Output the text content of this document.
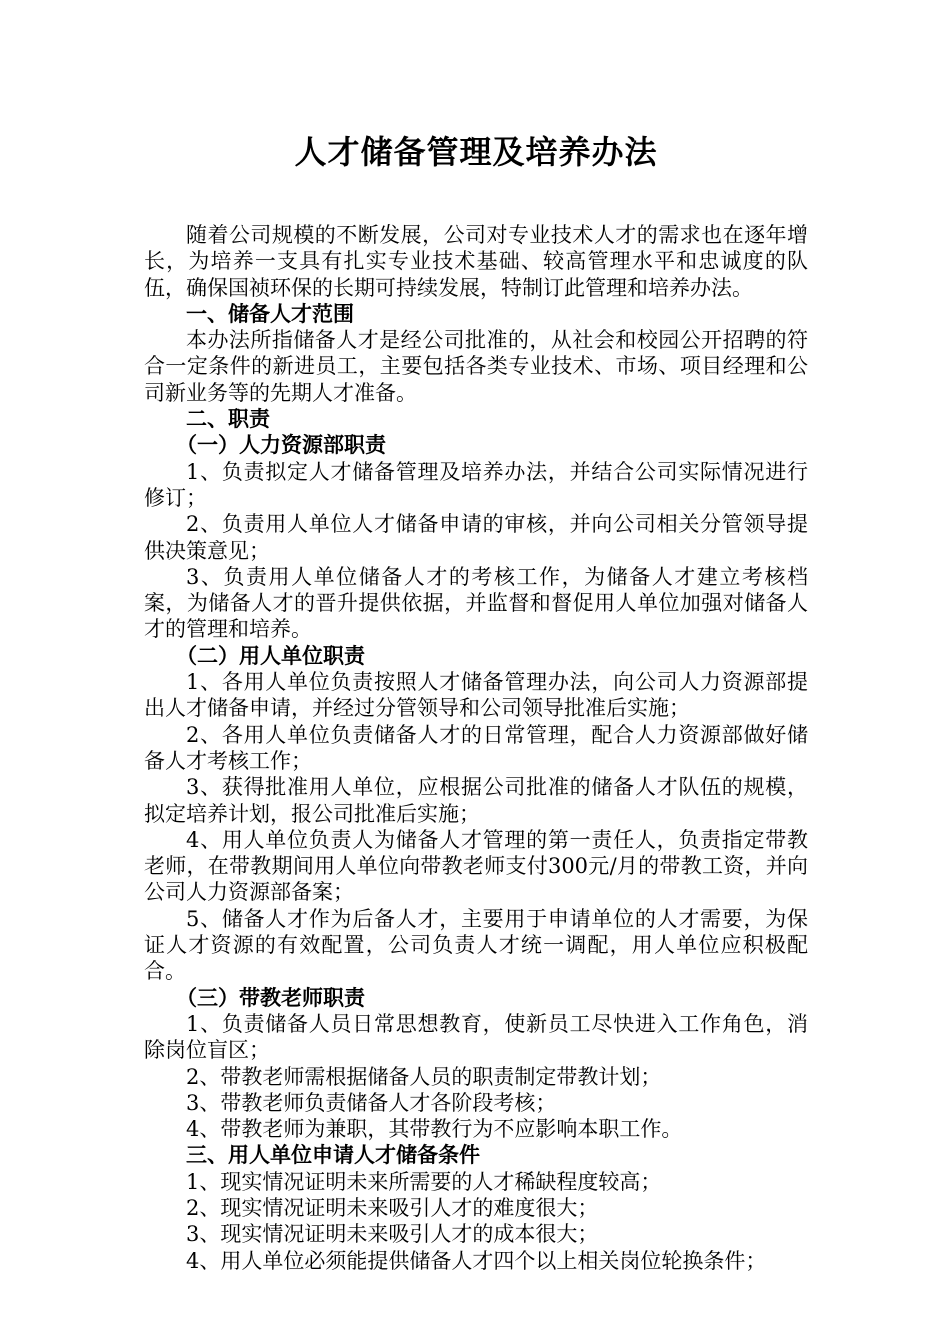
人才储备管理及培养办法

随着公司规模的不断发展，公司对专业技术人才的需求也在逐年增长，为培养一支具有扎实专业技术基础、较高管理水平和忠诚度的队伍，确保国祯环保的长期可持续发展，特制订此管理和培养办法。

一、储备人才范围

本办法所指储备人才是经公司批准的，从社会和校园公开招聘的符合一定条件的新进员工，主要包括各类专业技术、市场、项目经理和公司新业务等的先期人才准备。

二、职责

（一）人力资源部职责

1、负责拟定人才储备管理及培养办法，并结合公司实际情况进行修订；

2、负责用人单位人才储备申请的审核，并向公司相关分管领导提供决策意见；

3、负责用人单位储备人才的考核工作，为储备人才建立考核档案，为储备人才的晋升提供依据，并监督和督促用人单位加强对储备人才的管理和培养。

（二）用人单位职责

1、各用人单位负责按照人才储备管理办法，向公司人力资源部提出人才储备申请，并经过分管领导和公司领导批准后实施；

2、各用人单位负责储备人才的日常管理，配合人力资源部做好储备人才考核工作；

3、获得批准用人单位，应根据公司批准的储备人才队伍的规模，拟定培养计划，报公司批准后实施；

4、用人单位负责人为储备人才管理的第一责任人，负责指定带教老师，在带教期间用人单位向带教老师支付300元/月的带教工资，并向公司人力资源部备案；

5、储备人才作为后备人才，主要用于申请单位的人才需要，为保证人才资源的有效配置，公司负责人才统一调配，用人单位应积极配合。

（三）带教老师职责

1、负责储备人员日常思想教育，使新员工尽快进入工作角色，消除岗位盲区；

2、带教老师需根据储备人员的职责制定带教计划；

3、带教老师负责储备人才各阶段考核；

4、带教老师为兼职，其带教行为不应影响本职工作。

三、用人单位申请人才储备条件

1、现实情况证明未来所需要的人才稀缺程度较高；

2、现实情况证明未来吸引人才的难度很大；

3、现实情况证明未来吸引人才的成本很大；

4、用人单位必须能提供储备人才四个以上相关岗位轮换条件；
